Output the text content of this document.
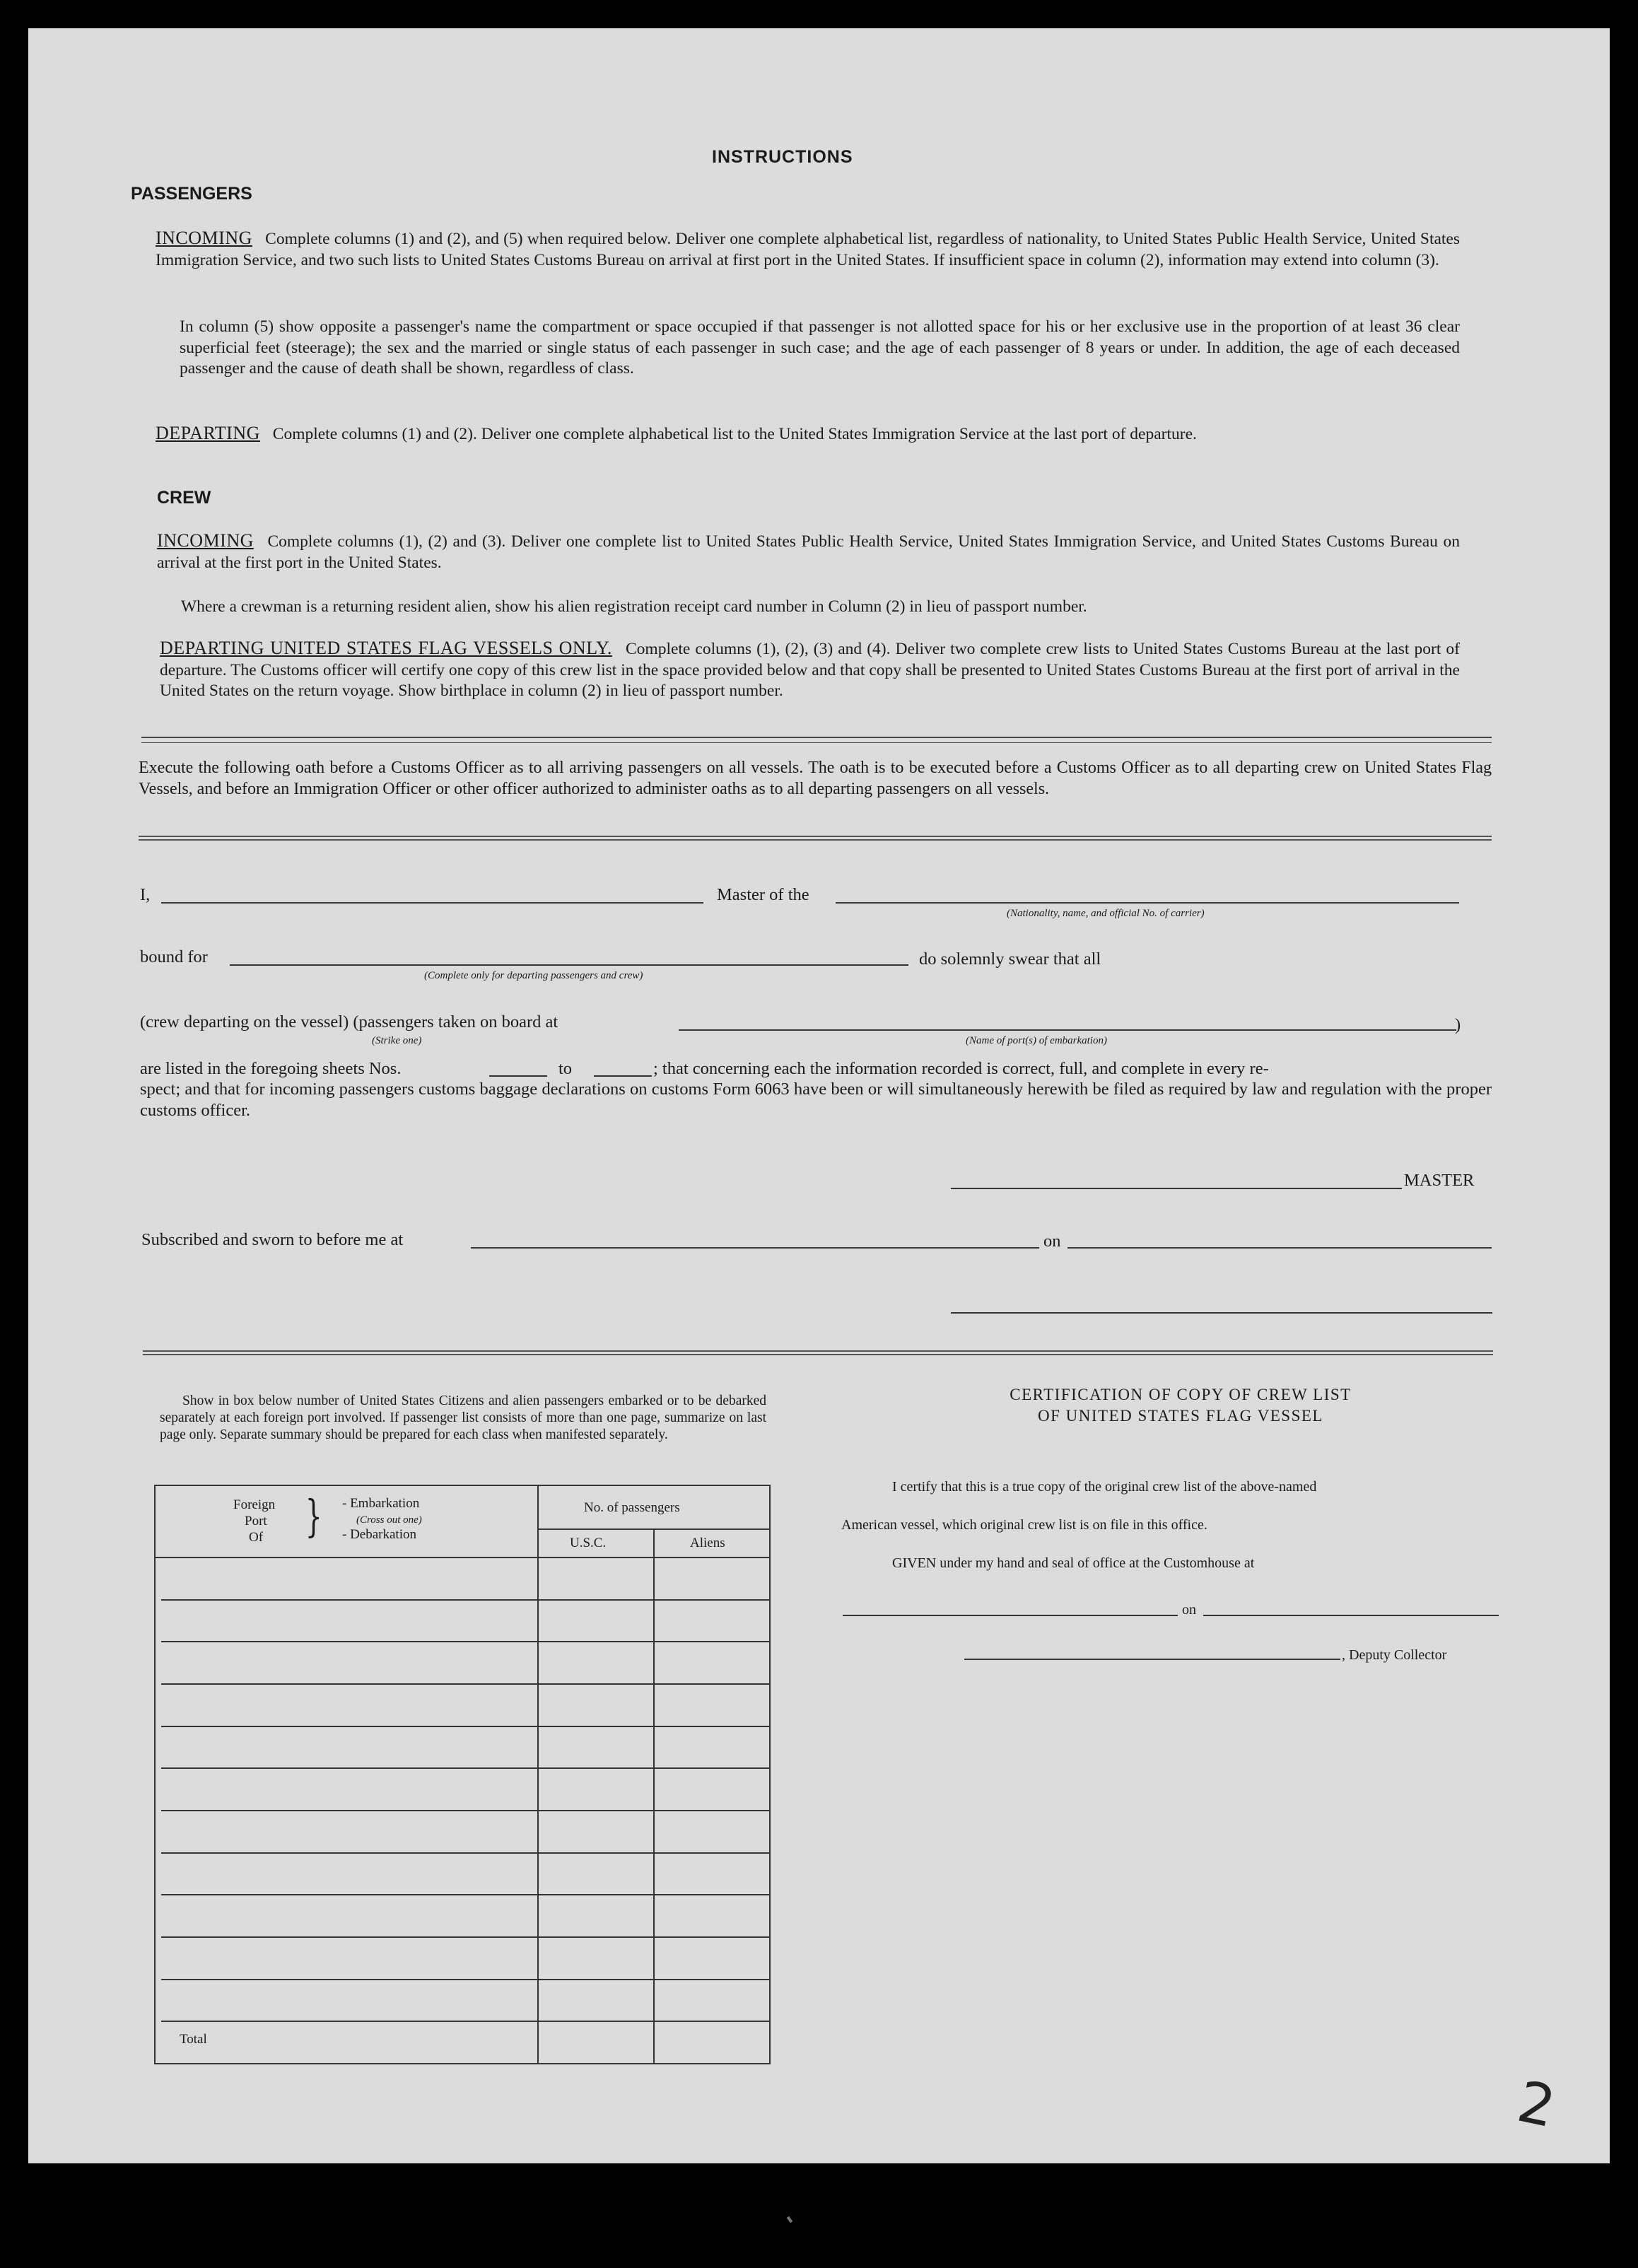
INSTRUCTIONS
PASSENGERS
INCOMING Complete columns (1) and (2), and (5) when required below. Deliver one complete alphabetical list, regardless of nationality, to United States Public Health Service, United States Immigration Service, and two such lists to United States Customs Bureau on arrival at first port in the United States. If insufficient space in column (2), information may extend into column (3).
In column (5) show opposite a passenger's name the compartment or space occupied if that passenger is not allotted space for his or her exclusive use in the proportion of at least 36 clear superficial feet (steerage); the sex and the married or single status of each passenger in such case; and the age of each passenger of 8 years or under. In addition, the age of each deceased passenger and the cause of death shall be shown, regardless of class.
DEPARTING Complete columns (1) and (2). Deliver one complete alphabetical list to the United States Immigration Service at the last port of departure.
CREW
INCOMING Complete columns (1), (2) and (3). Deliver one complete list to United States Public Health Service, United States Immigration Service, and United States Customs Bureau on arrival at the first port in the United States.
Where a crewman is a returning resident alien, show his alien registration receipt card number in Column (2) in lieu of passport number.
DEPARTING UNITED STATES FLAG VESSELS ONLY. Complete columns (1), (2), (3) and (4). Deliver two complete crew lists to United States Customs Bureau at the last port of departure. The Customs officer will certify one copy of this crew list in the space provided below and that copy shall be presented to United States Customs Bureau at the first port of arrival in the United States on the return voyage. Show birthplace in column (2) in lieu of passport number.
Execute the following oath before a Customs Officer as to all arriving passengers on all vessels. The oath is to be executed before a Customs Officer as to all departing crew on United States Flag Vessels, and before an Immigration Officer or other officer authorized to administer oaths as to all departing passengers on all vessels.
I,	Master of the
(Nationality, name, and official No. of carrier)
bound for
(Complete only for departing passengers and crew)
do solemnly swear that all
(crew departing on the vessel) (passengers taken on board at
(Strike one)
)
(Name of port(s) of embarkation)
are listed in the foregoing sheets Nos.	to	; that concerning each the information recorded is correct, full, and complete in every re-
spect; and that for incoming passengers customs baggage declarations on customs Form 6063 have been or will simultaneously herewith be filed as required by law and regulation with the proper customs officer.
MASTER
Subscribed and sworn to before me at	on
Show in box below number of United States Citizens and alien passengers embarked or to be debarked separately at each foreign port involved. If passenger list consists of more than one page, summarize on last page only. Separate summary should be prepared for each class when manifested separately.
Foreign
Port
Of } - Embarkation
(Cross out one)
- Debarkation
No. of passengers
U.S.C.	Aliens
Total
CERTIFICATION OF COPY OF CREW LIST
OF UNITED STATES FLAG VESSEL
I certify that this is a true copy of the original crew list of the above-named
American vessel, which original crew list is on file in this office.
GIVEN under my hand and seal of office at the Customhouse at
on
, Deputy Collector
2
